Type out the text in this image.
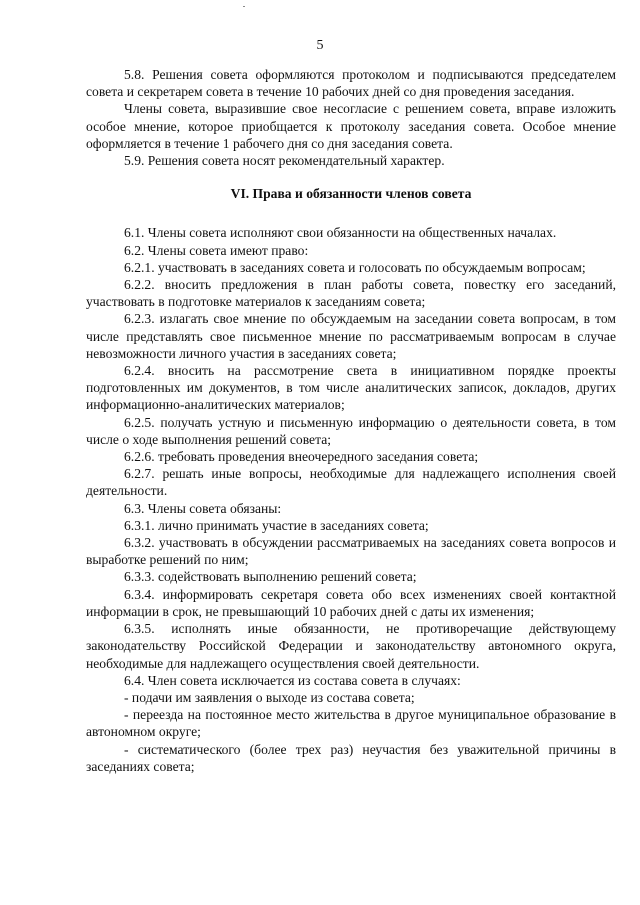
5

5.8. Решения совета оформляются протоколом и подписываются председателем совета и секретарем совета в течение 10 рабочих дней со дня проведения заседания.

Члены совета, выразившие свое несогласие с решением совета, вправе изложить особое мнение, которое приобщается к протоколу заседания совета. Особое мнение оформляется в течение 1 рабочего дня со дня заседания совета.

5.9. Решения совета носят рекомендательный характер.

VI. Права и обязанности членов совета

6.1. Члены совета исполняют свои обязанности на общественных началах.

6.2. Члены совета имеют право:

6.2.1. участвовать в заседаниях совета и голосовать по обсуждаемым вопросам;

6.2.2. вносить предложения в план работы совета, повестку его заседаний, участвовать в подготовке материалов к заседаниям совета;

6.2.3. излагать свое мнение по обсуждаемым на заседании совета вопросам, в том числе представлять свое письменное мнение по рассматриваемым вопросам в случае невозможности личного участия в заседаниях совета;

6.2.4. вносить на рассмотрение света в инициативном порядке проекты подготовленных им документов, в том числе аналитических записок, докладов, других информационно-аналитических материалов;

6.2.5. получать устную и письменную информацию о деятельности совета, в том числе о ходе выполнения решений совета;

6.2.6. требовать проведения внеочередного заседания совета;

6.2.7. решать иные вопросы, необходимые для надлежащего исполнения своей деятельности.

6.3. Члены совета обязаны:

6.3.1. лично принимать участие в заседаниях совета;

6.3.2. участвовать в обсуждении рассматриваемых на заседаниях совета вопросов и выработке решений по ним;

6.3.3. содействовать выполнению решений совета;

6.3.4. информировать секретаря совета обо всех изменениях своей контактной информации в срок, не превышающий 10 рабочих дней с даты их изменения;

6.3.5. исполнять иные обязанности, не противоречащие действующему законодательству Российской Федерации и законодательству автономного округа, необходимые для надлежащего осуществления своей деятельности.

6.4. Член совета исключается из состава совета в случаях:

- подачи им заявления о выходе из состава совета;

- переезда на постоянное место жительства в другое муниципальное образование в автономном округе;

- систематического (более трех раз) неучастия без уважительной причины в заседаниях совета;
